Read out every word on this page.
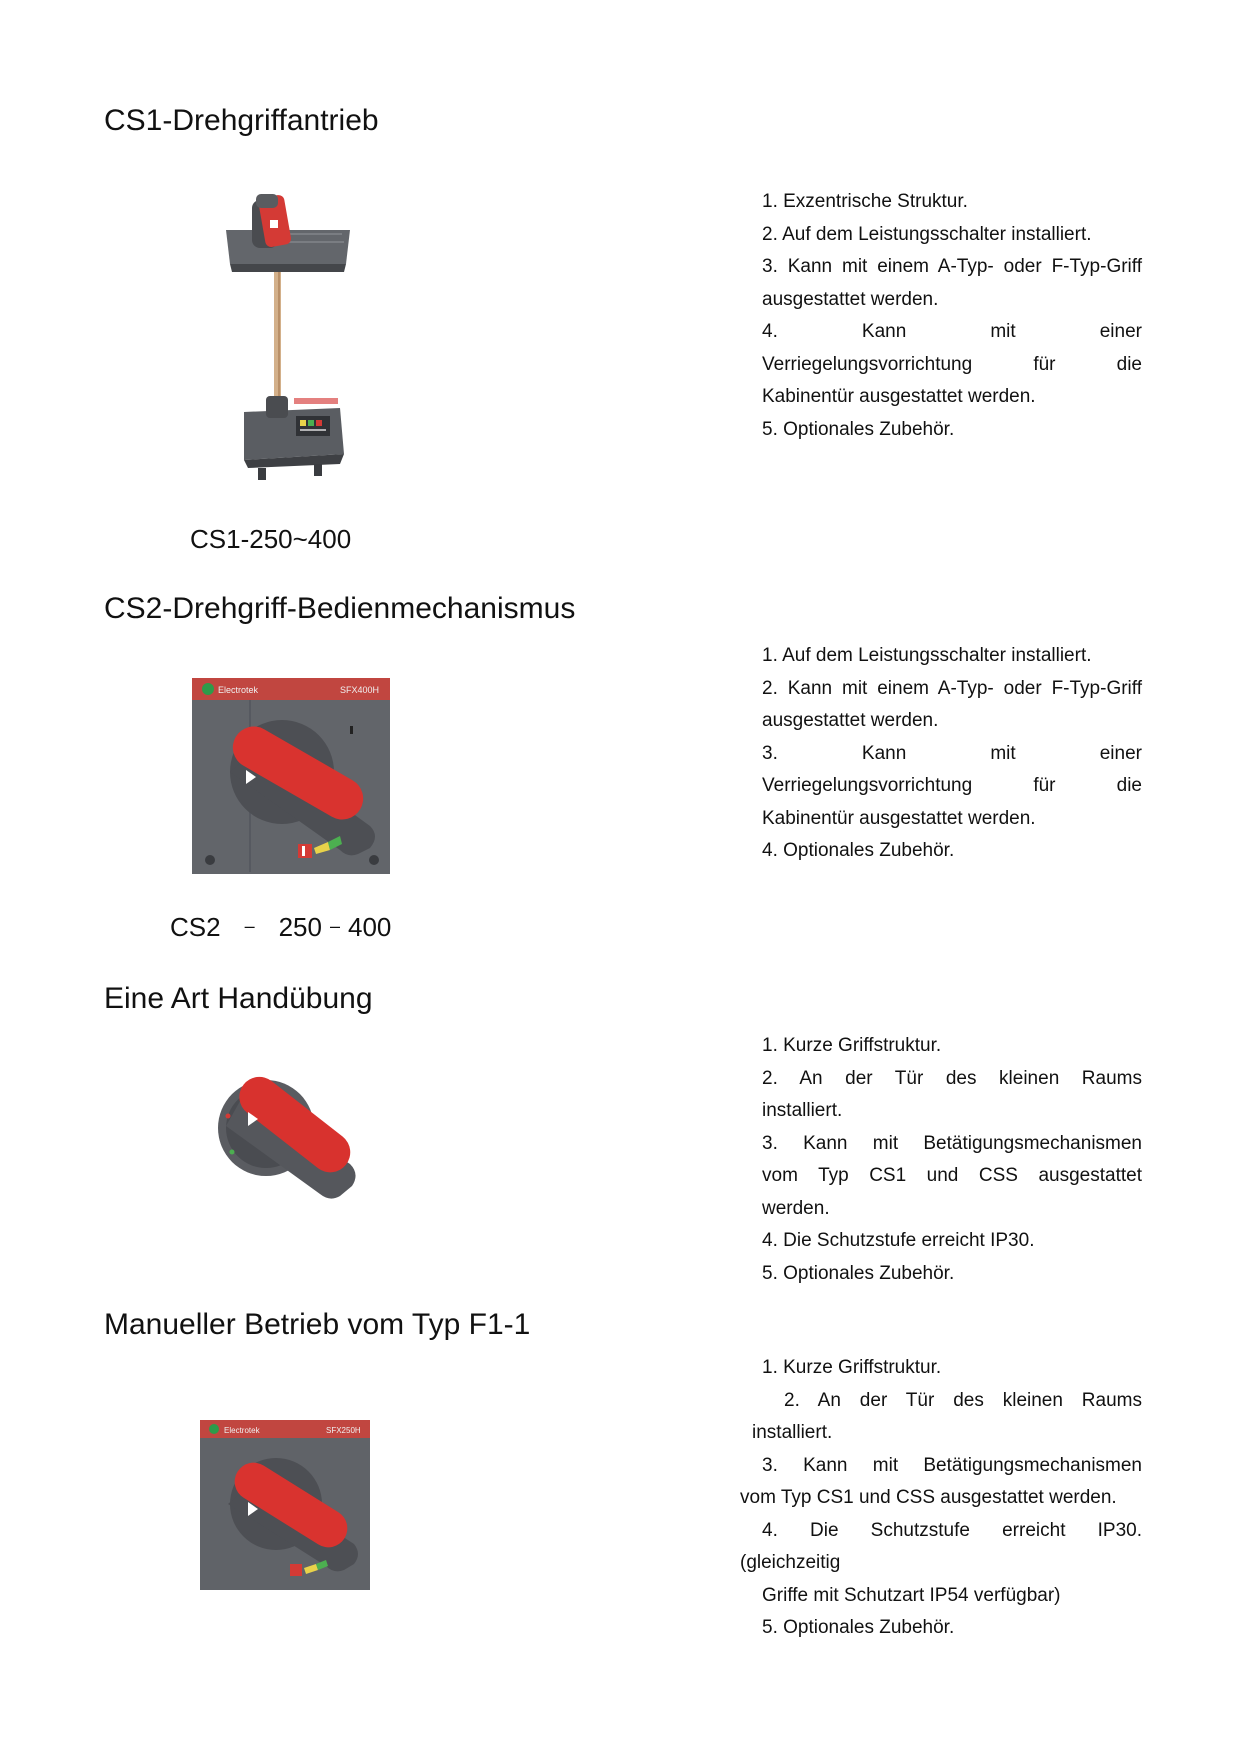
CS1-Drehgriffantrieb
CS1-250~400

1. Exzentrische Struktur.

2. Auf dem Leistungsschalter installiert.

3. Kann mit einem A-Typ- oder F-Typ-Griff

ausgestattet werden.

4. Kann mit einer

Verriegelungsvorrichtung für die

Kabinentür ausgestattet werden.

5. Optionales Zubehör.

CS2-Drehgriff-Bedienmechanismus
Electrotek	SFX400H
CS2 – 250 – 400

1. Auf dem Leistungsschalter installiert.

2. Kann mit einem A-Typ- oder F-Typ-Griff

ausgestattet werden.

3. Kann mit einer

Verriegelungsvorrichtung für die

Kabinentür ausgestattet werden.

4. Optionales Zubehör.

Eine Art Handübung

1. Kurze Griffstruktur.

2. An der Tür des kleinen Raums

installiert.

3. Kann mit Betätigungsmechanismen

vom Typ CS1 und CSS ausgestattet

werden.

4. Die Schutzstufe erreicht IP30.

5. Optionales Zubehör.

Manueller Betrieb vom Typ F1-1
Electrotek	SFX250H

1. Kurze Griffstruktur.

2. An der Tür des kleinen Raums

installiert.

3. Kann mit Betätigungsmechanismen

vom Typ CS1 und CSS ausgestattet werden.

4. Die Schutzstufe erreicht IP30.

(gleichzeitig

Griffe mit Schutzart IP54 verfügbar)

5. Optionales Zubehör.
